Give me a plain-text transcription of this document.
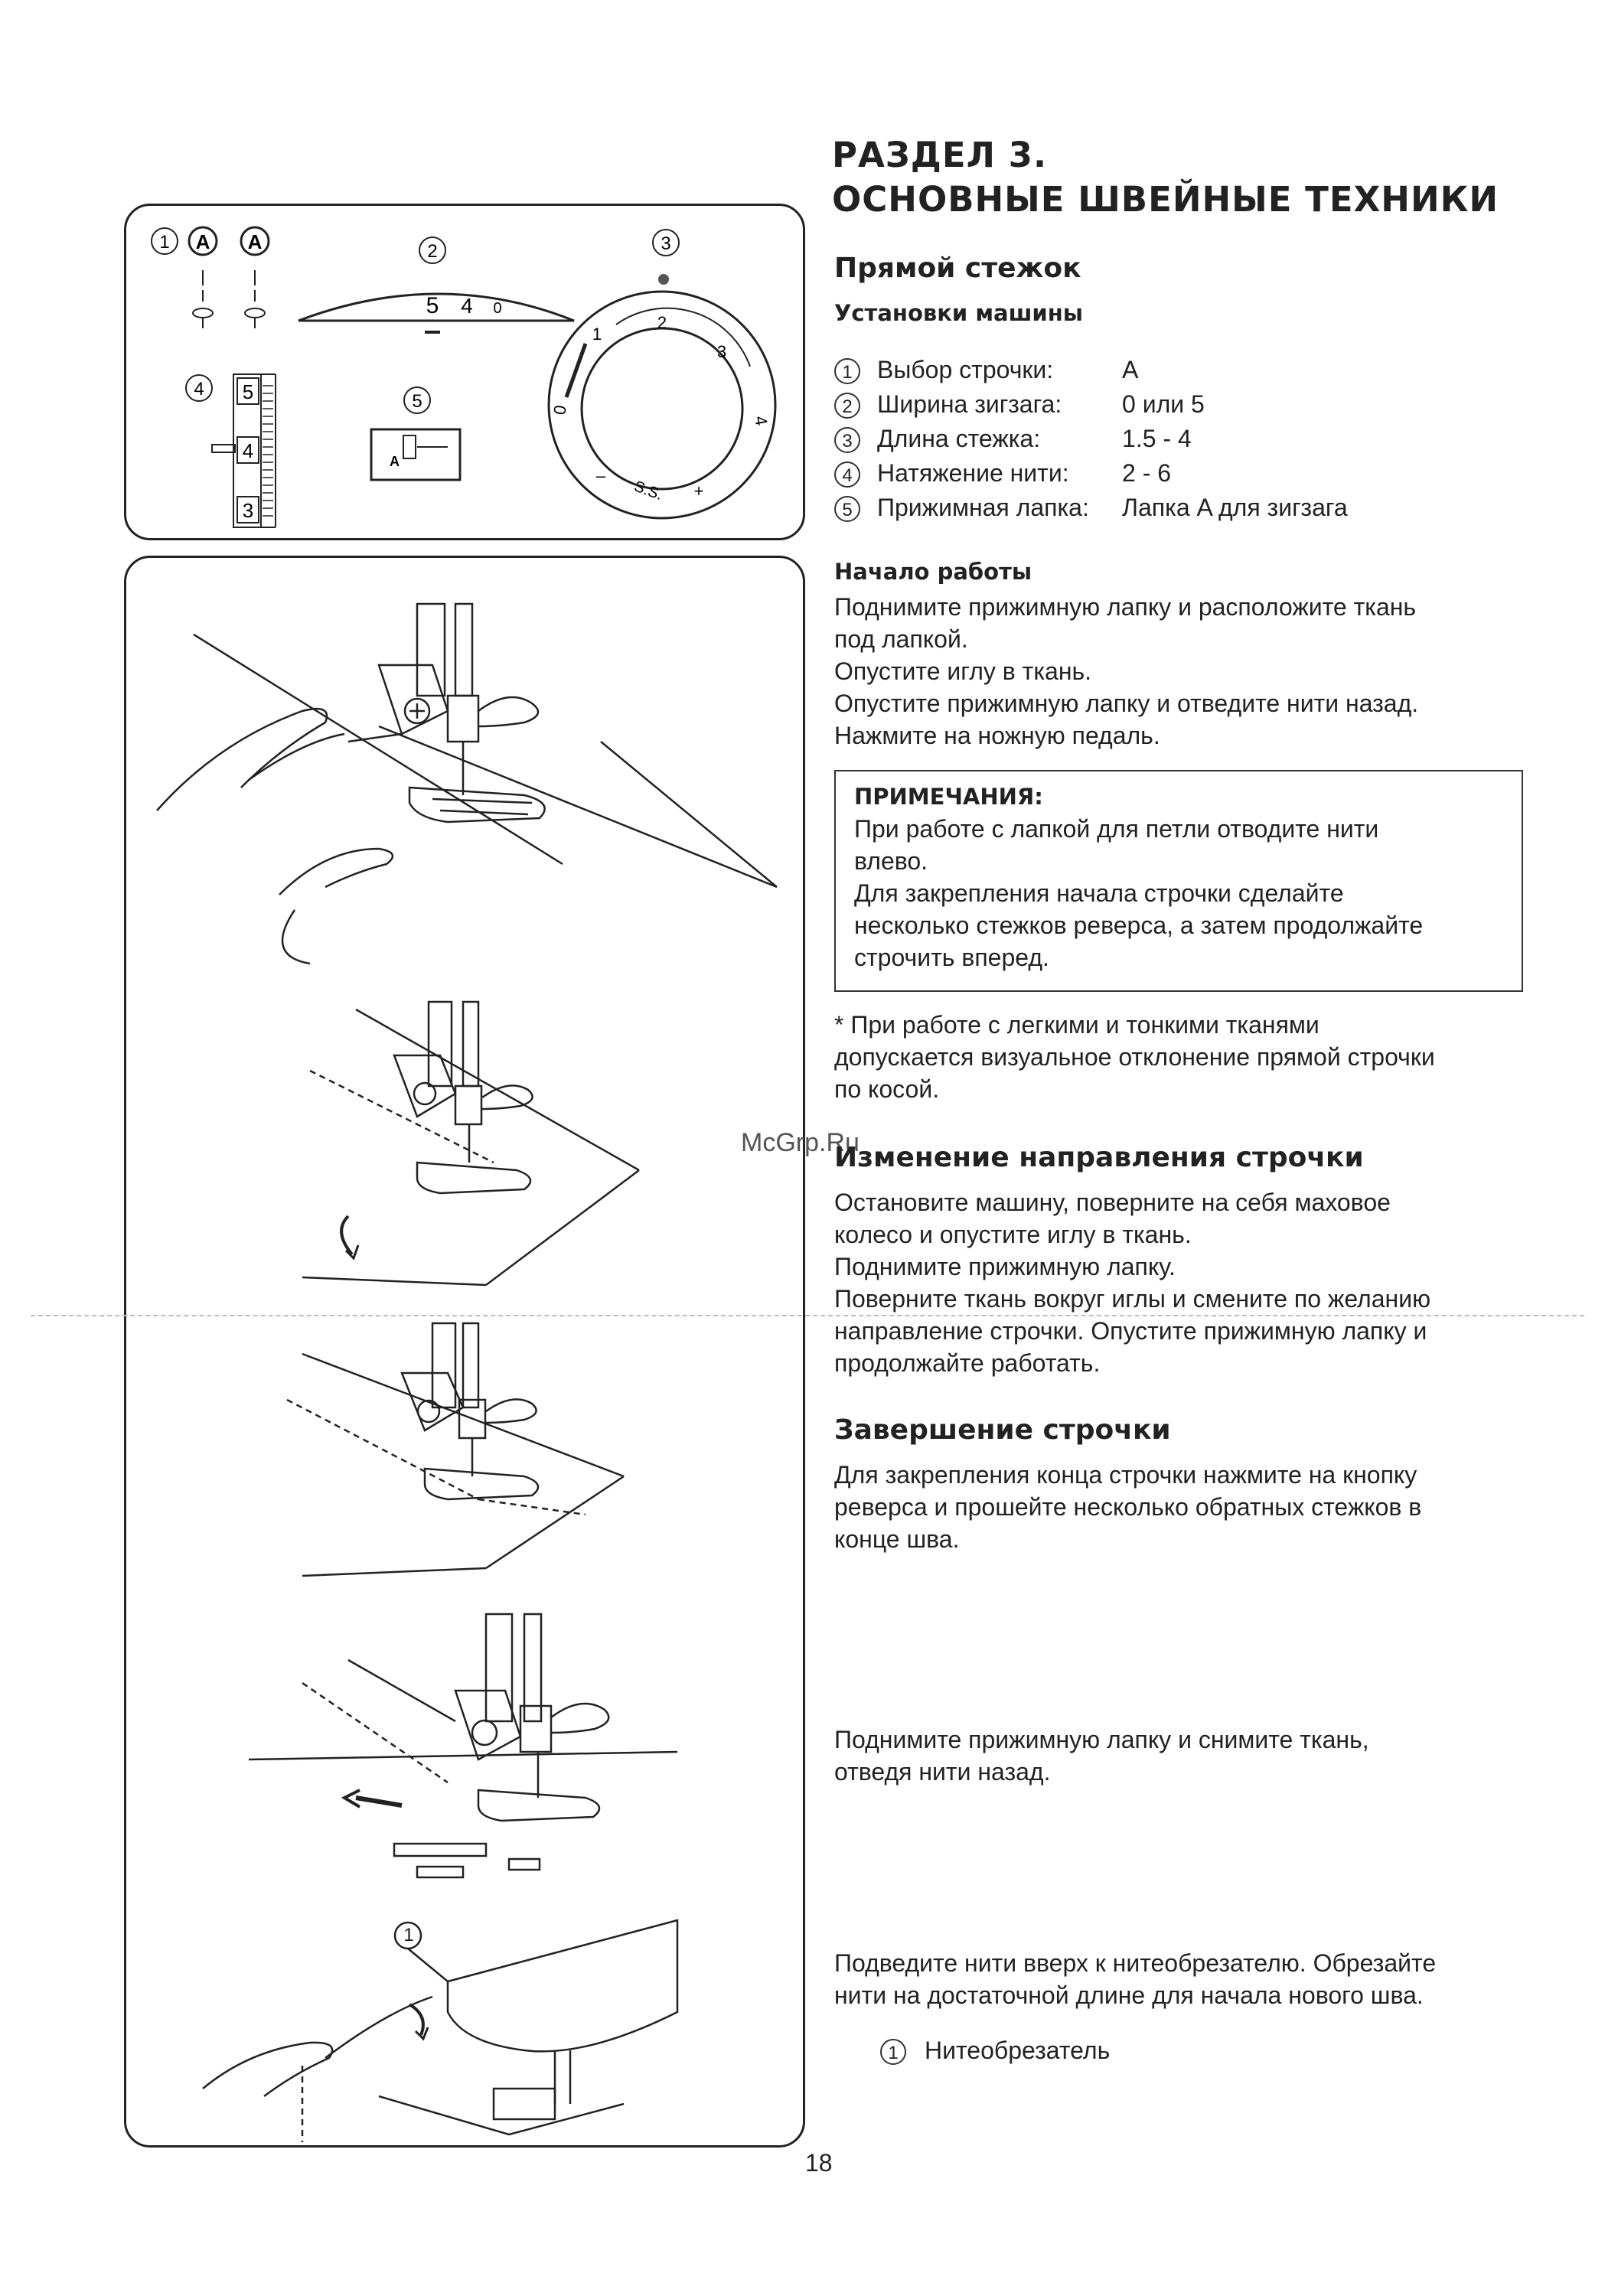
1 A A	2
5 4 0
3
0
1
2
3
4
S.S.
–
+
4 5
4
3
5
A
1
РАЗДЕЛ 3.
ОСНОВНЫЕ ШВЕЙНЫЕ ТЕХНИКИ
Прямой стежок
Установки машины
1 Выбор строчки:	A
2 Ширина зигзага: 0 или 5
3 Длина стежка:	1.5 - 4
4 Натяжение нити: 2 - 6
5 Прижимная лапка: Лапка A для зигзага
Начало работы
Поднимите прижимную лапку и расположите ткань
под лапкой.
Опустите иглу в ткань.
Опустите прижимную лапку и отведите нити назад.
Нажмите на ножную педаль.
ПРИМЕЧАНИЯ:
При работе с лапкой для петли отводите нити
влево.
Для закрепления начала строчки сделайте
несколько стежков реверса, а затем продолжайте
строчить вперед.
* При работе с легкими и тонкими тканями
допускается визуальное отклонение прямой строчки
по косой.
McGrp.Ru
Изменение направления строчки
Остановите машину, поверните на себя маховое
колесо и опустите иглу в ткань.
Поднимите прижимную лапку.
Поверните ткань вокруг иглы и смените по желанию
направление строчки. Опустите прижимную лапку и
продолжайте работать.
Завершение строчки
Для закрепления конца строчки нажмите на кнопку
реверса и прошейте несколько обратных стежков в
конце шва.
Поднимите прижимную лапку и снимите ткань,
отведя нити назад.
Подведите нити вверх к нитеобрезателю. Обрезайте
нити на достаточной длине для начала нового шва.
1 Нитеобрезатель
18
